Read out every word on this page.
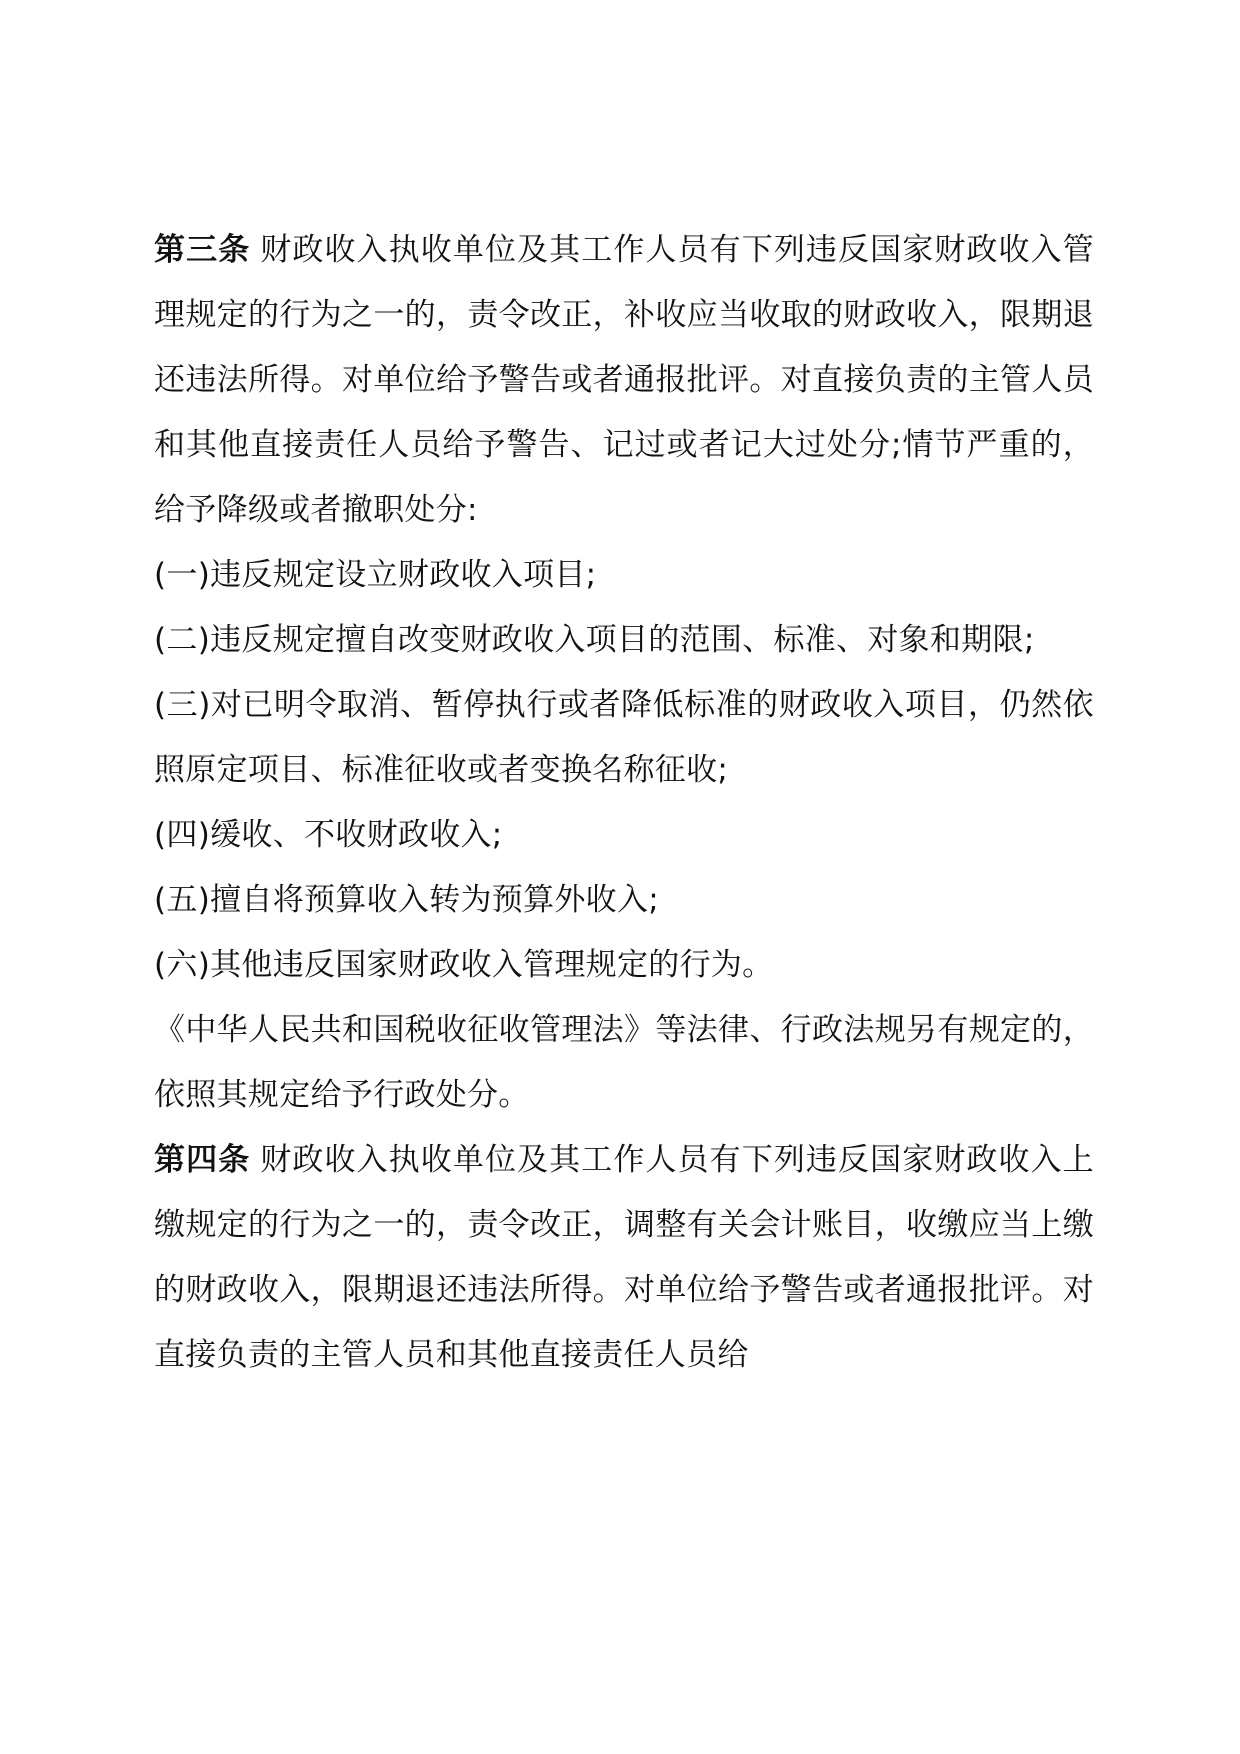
第三条 财政收入执收单位及其工作人员有下列违反国家财政收入管理规定的行为之一的，责令改正，补收应当收取的财政收入，限期退还违法所得。对单位给予警告或者通报批评。对直接负责的主管人员和其他直接责任人员给予警告、记过或者记大过处分;情节严重的，给予降级或者撤职处分:

(一)违反规定设立财政收入项目;

(二)违反规定擅自改变财政收入项目的范围、标准、对象和期限;

(三)对已明令取消、暂停执行或者降低标准的财政收入项目，仍然依照原定项目、标准征收或者变换名称征收;

(四)缓收、不收财政收入;

(五)擅自将预算收入转为预算外收入;

(六)其他违反国家财政收入管理规定的行为。

《中华人民共和国税收征收管理法》等法律、行政法规另有规定的，依照其规定给予行政处分。

第四条 财政收入执收单位及其工作人员有下列违反国家财政收入上缴规定的行为之一的，责令改正，调整有关会计账目，收缴应当上缴的财政收入，限期退还违法所得。对单位给予警告或者通报批评。对直接负责的主管人员和其他直接责任人员给
